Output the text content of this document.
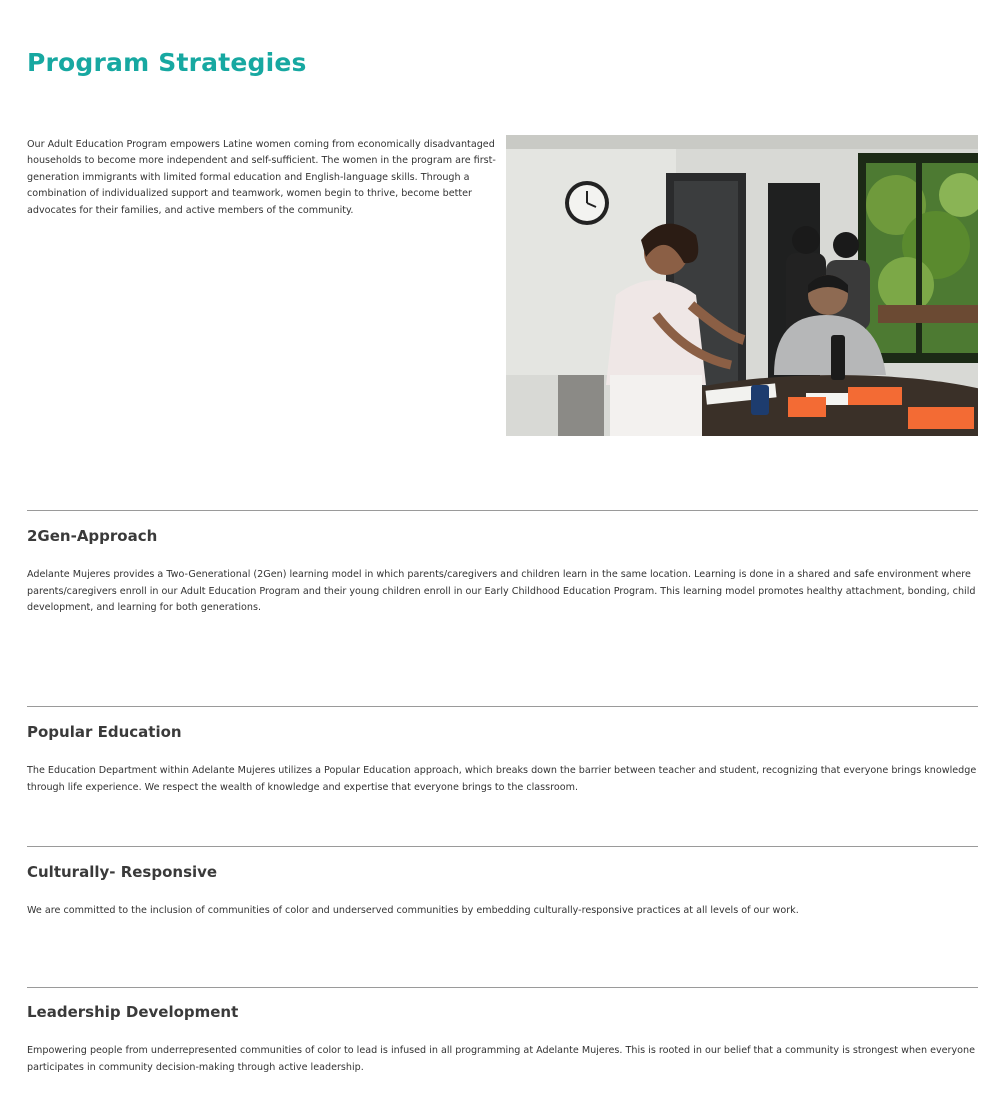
Program Strategies

Our Adult Education Program empowers Latine women coming from economically disadvantaged households to become more independent and self-sufficient. The women in the program are first- generation immigrants with limited formal education and English-language skills. Through a combination of individualized support and teamwork, women begin to thrive, become better advocates for their families, and active members of the community.

2Gen-Approach

Adelante Mujeres provides a Two-Generational (2Gen) learning model in which parents/caregivers and children learn in the same location. Learning is done in a shared and safe environment where parents/caregivers enroll in our Adult Education Program and their young children enroll in our Early Childhood Education Program. This learning model promotes healthy attachment, bonding, child development, and learning for both generations.

Popular Education

The Education Department within Adelante Mujeres utilizes a Popular Education approach, which breaks down the barrier between teacher and student, recognizing that everyone brings knowledge through life experience. We respect the wealth of knowledge and expertise that everyone brings to the classroom.

Culturally- Responsive

We are committed to the inclusion of communities of color and underserved communities by embedding culturally-responsive practices at all levels of our work.

Leadership Development

Empowering people from underrepresented communities of color to lead is infused in all programming at Adelante Mujeres. This is rooted in our belief that a community is strongest when everyone participates in community decision-making through active leadership.
